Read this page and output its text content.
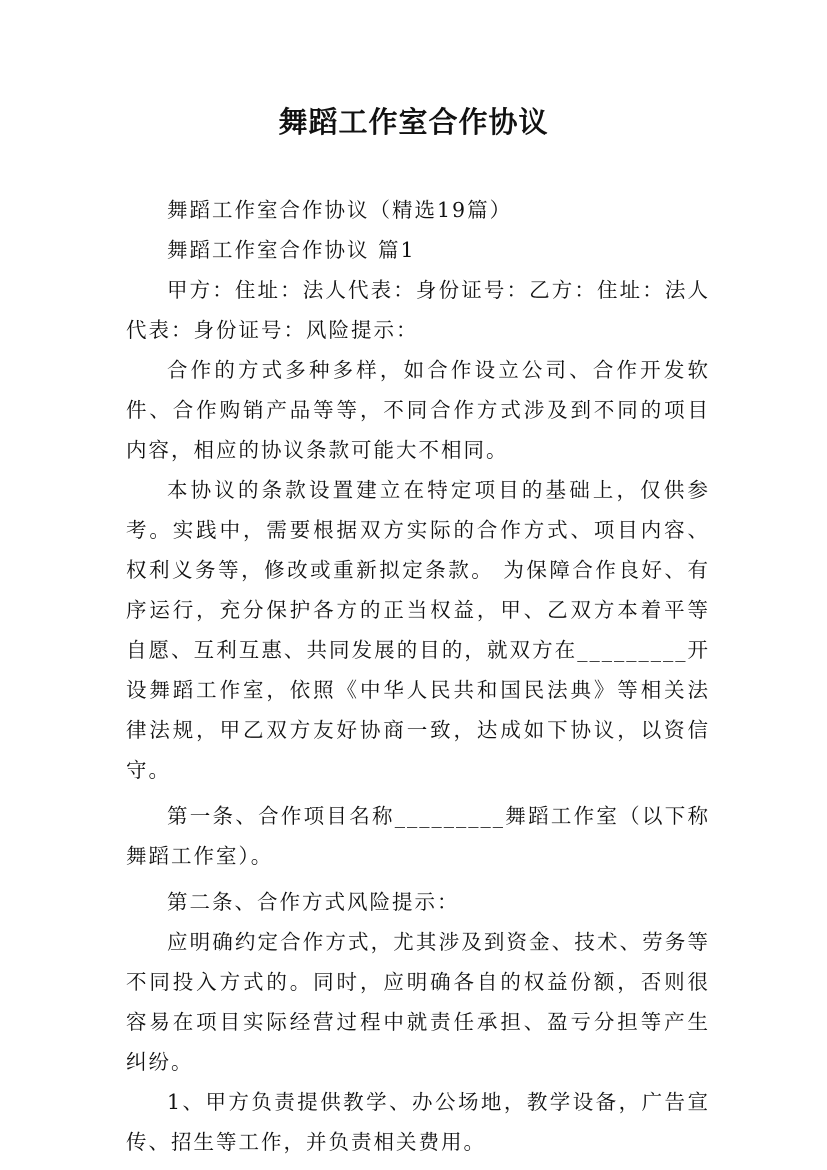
舞蹈工作室合作协议

舞蹈工作室合作协议（精选19篇）

舞蹈工作室合作协议 篇1

甲方：住址：法人代表：身份证号：乙方：住址：法人代表：身份证号：风险提示：

合作的方式多种多样，如合作设立公司、合作开发软件、合作购销产品等等，不同合作方式涉及到不同的项目内容，相应的协议条款可能大不相同。

本协议的条款设置建立在特定项目的基础上，仅供参考。实践中，需要根据双方实际的合作方式、项目内容、权利义务等，修改或重新拟定条款。 为保障合作良好、有序运行，充分保护各方的正当权益，甲、乙双方本着平等自愿、互利互惠、共同发展的目的，就双方在_________开设舞蹈工作室，依照《中华人民共和国民法典》等相关法律法规，甲乙双方友好协商一致，达成如下协议，以资信守。

第一条、合作项目名称_________舞蹈工作室（以下称舞蹈工作室）。

第二条、合作方式风险提示：

应明确约定合作方式，尤其涉及到资金、技术、劳务等不同投入方式的。同时，应明确各自的权益份额，否则很容易在项目实际经营过程中就责任承担、盈亏分担等产生纠纷。

1、甲方负责提供教学、办公场地，教学设备，广告宣传、招生等工作，并负责相关费用。
